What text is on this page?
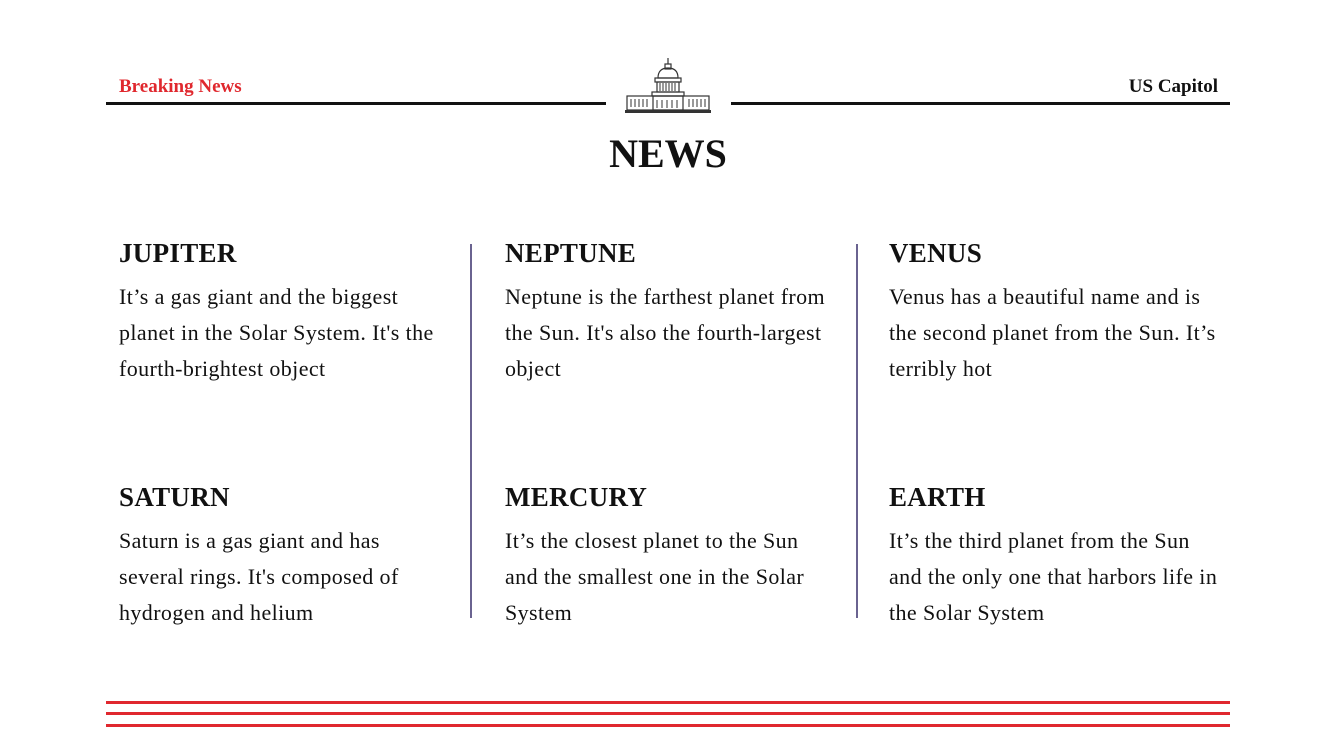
Breaking News	US Capitol
NEWS
JUPITER

It’s a gas giant and the biggest planet in the Solar System. It's the fourth-brightest object

NEPTUNE

Neptune is the farthest planet from the Sun. It's also the fourth-largest object

VENUS

Venus has a beautiful name and is the second planet from the Sun. It’s terribly hot

SATURN

Saturn is a gas giant and has several rings. It's composed of hydrogen and helium

MERCURY

It’s the closest planet to the Sun and the smallest one in the Solar System

EARTH

It’s the third planet from the Sun and the only one that harbors life in the Solar System
